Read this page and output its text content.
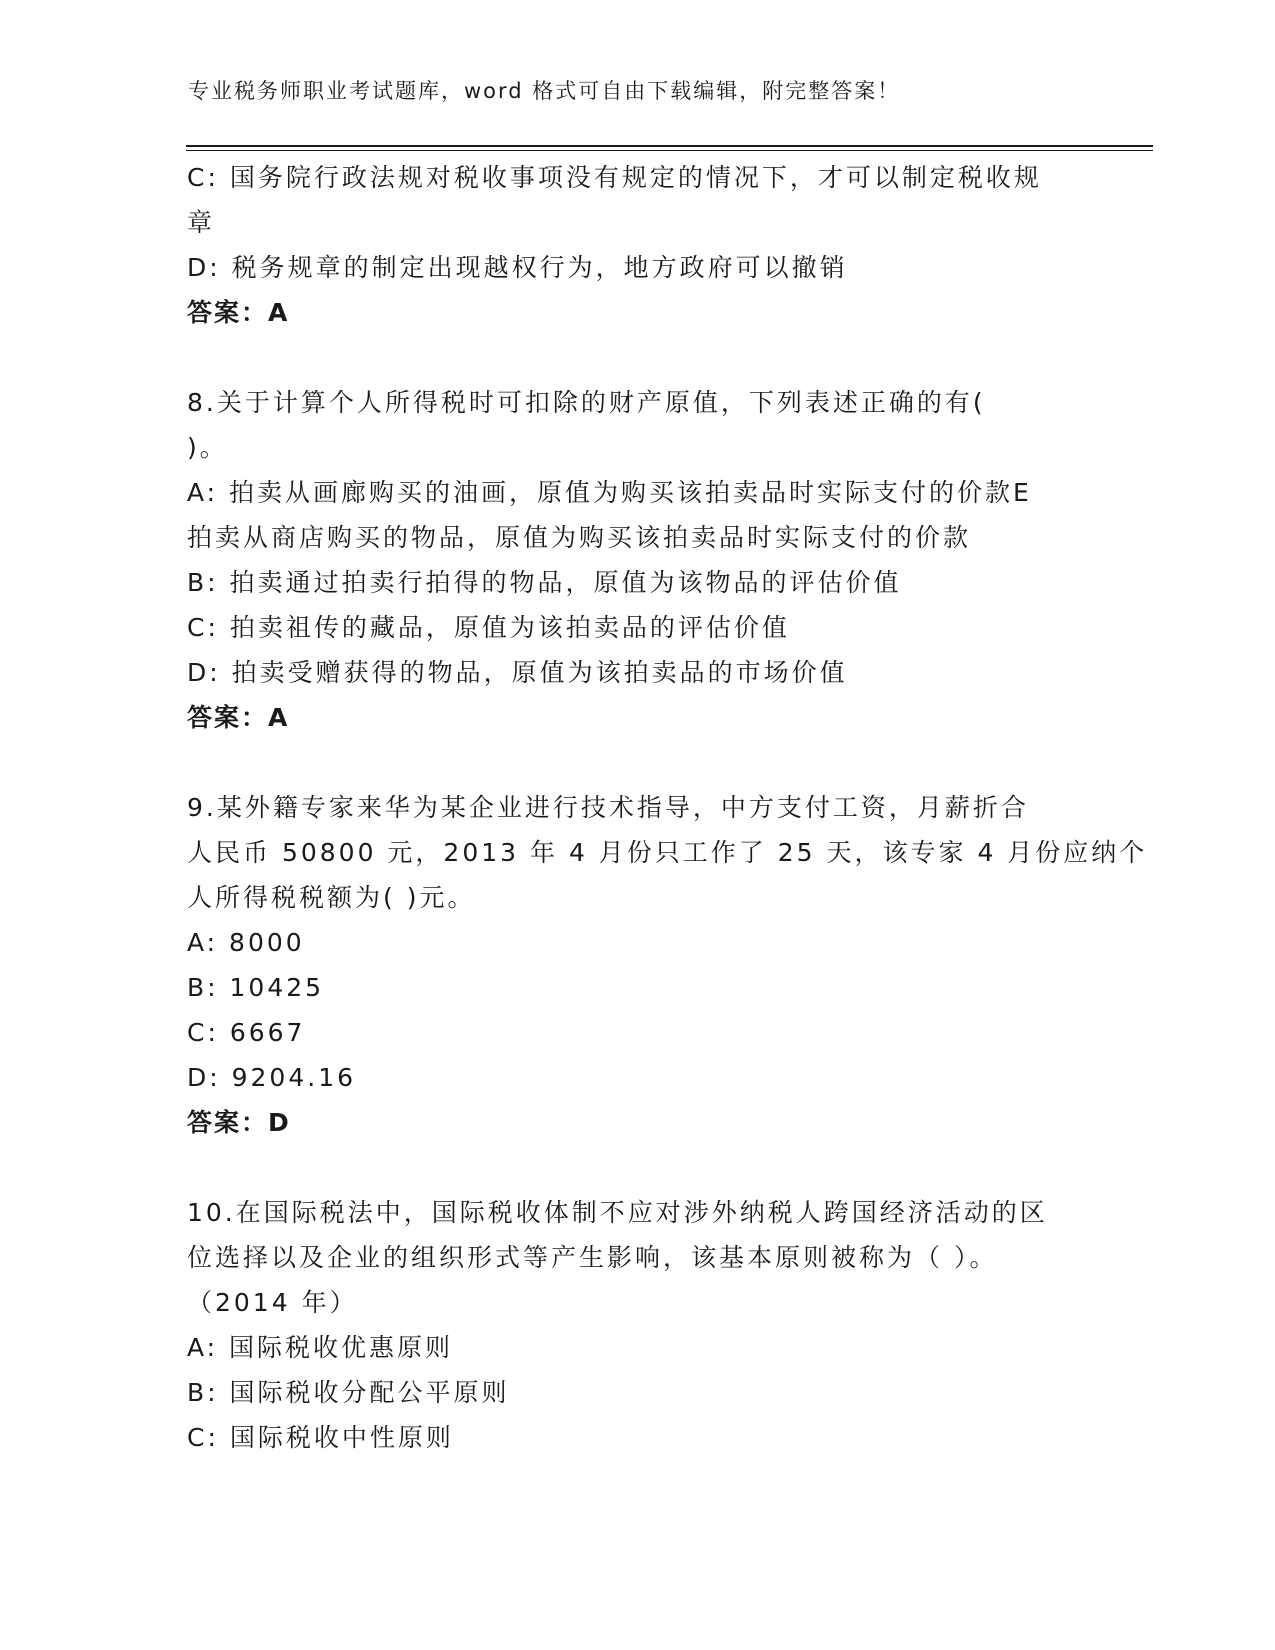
专业税务师职业考试题库，word 格式可自由下载编辑，附完整答案！
C: 国务院行政法规对税收事项没有规定的情况下，才可以制定税收规
章
D: 税务规章的制定出现越权行为，地方政府可以撤销
答案：A
8.关于计算个人所得税时可扣除的财产原值，下列表述正确的有(
)。
A: 拍卖从画廊购买的油画，原值为购买该拍卖品时实际支付的价款E
拍卖从商店购买的物品，原值为购买该拍卖品时实际支付的价款
B: 拍卖通过拍卖行拍得的物品，原值为该物品的评估价值
C: 拍卖祖传的藏品，原值为该拍卖品的评估价值
D: 拍卖受赠获得的物品，原值为该拍卖品的市场价值
答案：A
9.某外籍专家来华为某企业进行技术指导，中方支付工资，月薪折合
人民币 50800 元，2013 年 4 月份只工作了 25 天，该专家 4 月份应纳个
人所得税税额为( )元。
A: 8000
B: 10425
C: 6667
D: 9204.16
答案：D
10.在国际税法中，国际税收体制不应对涉外纳税人跨国经济活动的区
位选择以及企业的组织形式等产生影响，该基本原则被称为（ ）。
（2014 年）
A: 国际税收优惠原则
B: 国际税收分配公平原则
C: 国际税收中性原则
